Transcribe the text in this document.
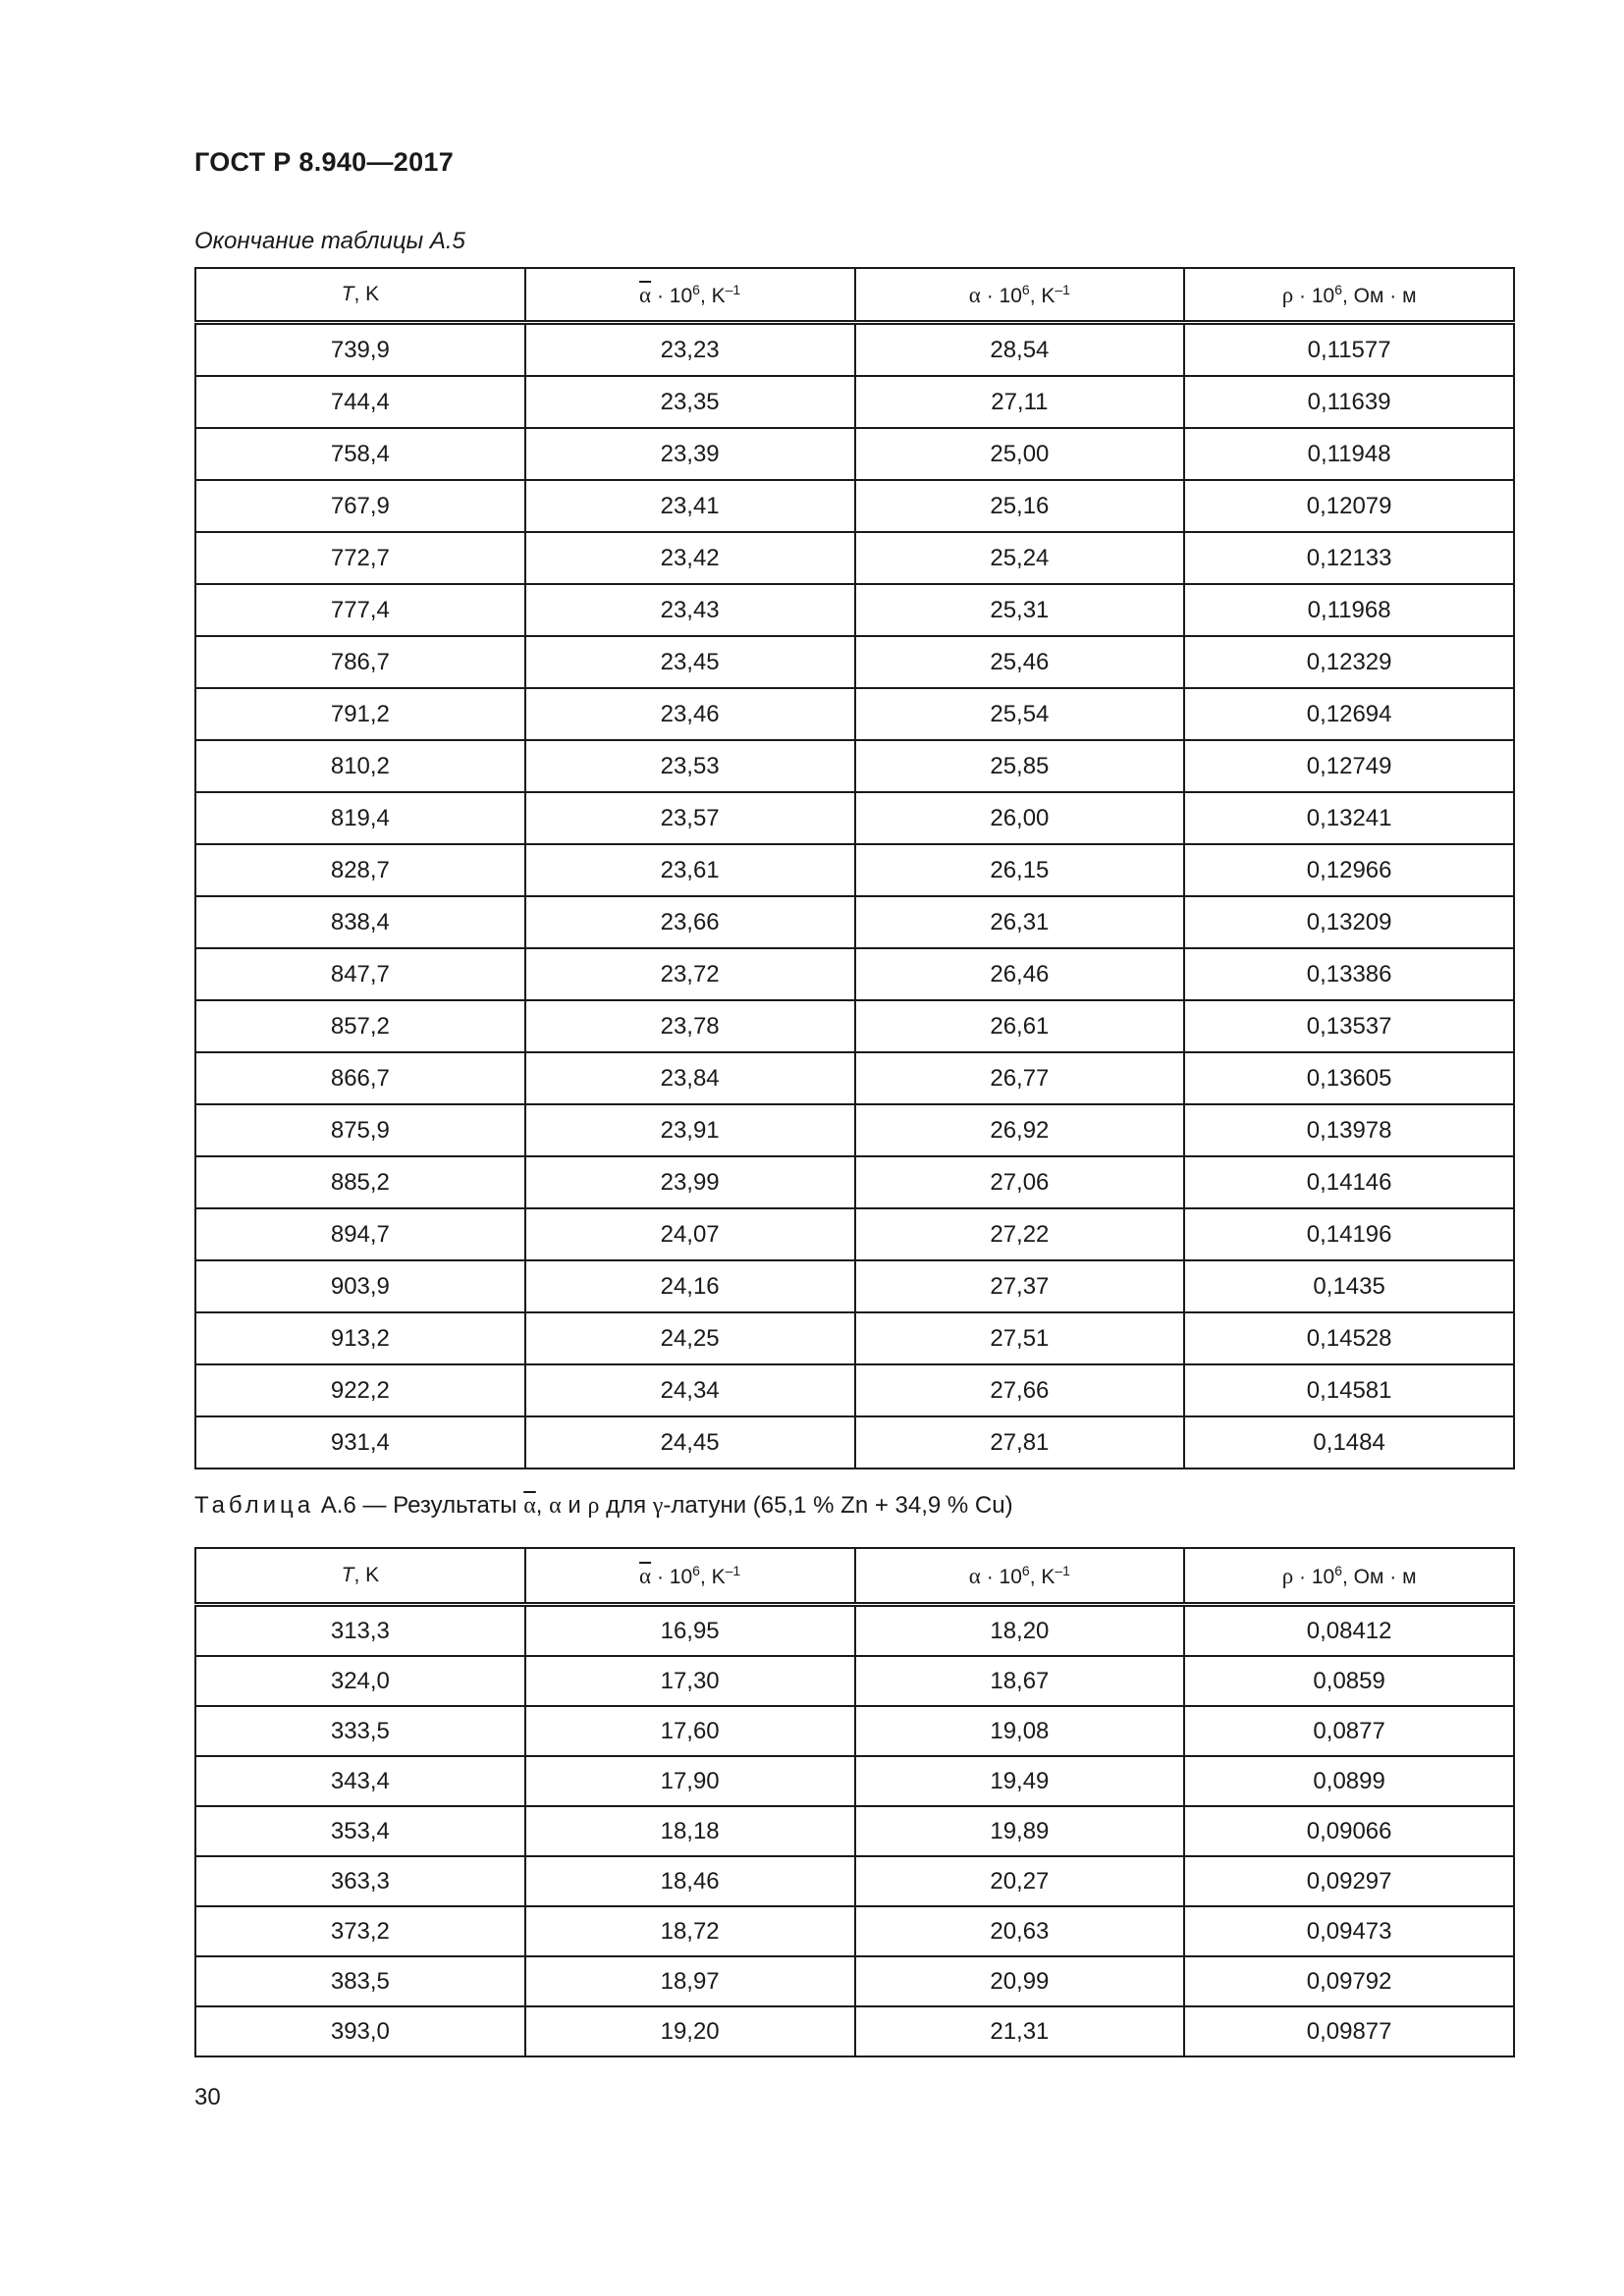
ГОСТ Р 8.940—2017
Окончание таблицы А.5
T, K	$\overline{\alpha} \cdot 10^6$, $K^{-1}$	$\alpha \cdot 10^6$, $K^{-1}$	$\rho \cdot 10^6$, Ом · м
739,9	23,23	28,54	0,11577
744,4	23,35	27,11	0,11639
758,4	23,39	25,00	0,11948
767,9	23,41	25,16	0,12079
772,7	23,42	25,24	0,12133
777,4	23,43	25,31	0,11968
786,7	23,45	25,46	0,12329
791,2	23,46	25,54	0,12694
810,2	23,53	25,85	0,12749
819,4	23,57	26,00	0,13241
828,7	23,61	26,15	0,12966
838,4	23,66	26,31	0,13209
847,7	23,72	26,46	0,13386
857,2	23,78	26,61	0,13537
866,7	23,84	26,77	0,13605
875,9	23,91	26,92	0,13978
885,2	23,99	27,06	0,14146
894,7	24,07	27,22	0,14196
903,9	24,16	27,37	0,1435
913,2	24,25	27,51	0,14528
922,2	24,34	27,66	0,14581
931,4	24,45	27,81	0,1484
Таблица А.6 — Результаты $\overline{\alpha}$, α и ρ для γ-латуни (65,1 % Zn + 34,9 % Cu)
T, K	$\overline{\alpha} \cdot 10^6$, $K^{-1}$	$\alpha \cdot 10^6$, $K^{-1}$	$\rho \cdot 10^6$, Ом · м
313,3	16,95	18,20	0,08412
324,0	17,30	18,67	0,0859
333,5	17,60	19,08	0,0877
343,4	17,90	19,49	0,0899
353,4	18,18	19,89	0,09066
363,3	18,46	20,27	0,09297
373,2	18,72	20,63	0,09473
383,5	18,97	20,99	0,09792
393,0	19,20	21,31	0,09877
30
